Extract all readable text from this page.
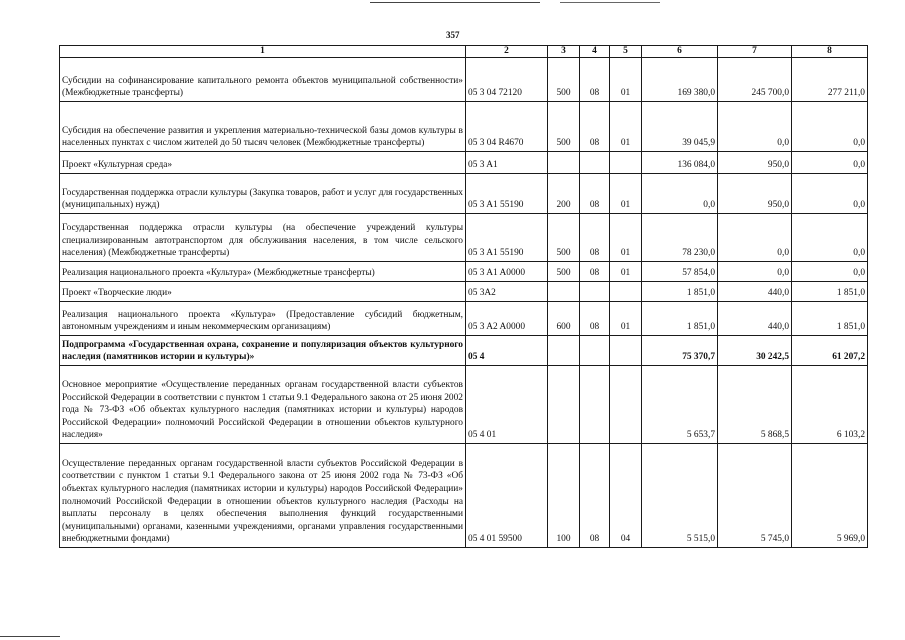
357
1	2	3	4	5	6	7	8
Субсидии на софинансирование капитального ремонта объектов муниципальной собственности» (Межбюджетные трансферты)	05 3 04 72120	500	08	01	169 380,0	245 700,0	277 211,0
Субсидия на обеспечение развития и укрепления материально-технической базы домов культуры в населенных пунктах с числом жителей до 50 тысяч человек (Межбюджетные трансферты)	05 3 04 R4670	500	08	01	39 045,9	0,0	0,0
Проект «Культурная среда»	05 3 A1				136 084,0	950,0	0,0
Государственная поддержка отрасли культуры (Закупка товаров, работ и услуг для государственных (муниципальных) нужд)	05 3 A1 55190	200	08	01	0,0	950,0	0,0
Государственная поддержка отрасли культуры (на обеспечение учреждений культуры специализированным автотранспортом для обслуживания населения, в том числе сельского населения) (Межбюджетные трансферты)	05 3 A1 55190	500	08	01	78 230,0	0,0	0,0
Реализация национального проекта «Культура» (Межбюджетные трансферты)	05 3 A1 A0000	500	08	01	57 854,0	0,0	0,0
Проект «Творческие люди»	05 3A2				1 851,0	440,0	1 851,0
Реализация национального проекта «Культура» (Предоставление субсидий бюджетным, автономным учреждениям и иным некоммерческим организациям)	05 3 A2 A0000	600	08	01	1 851,0	440,0	1 851,0
Подпрограмма «Государственная охрана, сохранение и популяризация объектов культурного наследия (памятников истории и культуры)»	05 4				75 370,7	30 242,5	61 207,2
Основное мероприятие «Осуществление переданных органам государственной власти субъектов Российской Федерации в соответствии с пунктом 1 статьи 9.1 Федерального закона от 25 июня 2002 года № 73-ФЗ «Об объектах культурного наследия (памятниках истории и культуры) народов Российской Федерации» полномочий Российской Федерации в отношении объектов культурного наследия»	05 4 01				5 653,7	5 868,5	6 103,2
Осуществление переданных органам государственной власти субъектов Российской Федерации в соответствии с пунктом 1 статьи 9.1 Федерального закона от 25 июня 2002 года № 73-ФЗ «Об объектах культурного наследия (памятниках истории и культуры) народов Российской Федерации» полномочий Российской Федерации в отношении объектов культурного наследия (Расходы на выплаты персоналу в целях обеспечения выполнения функций государственными (муниципальными) органами, казенными учреждениями, органами управления государственными внебюджетными фондами)	05 4 01 59500	100	08	04	5 515,0	5 745,0	5 969,0
